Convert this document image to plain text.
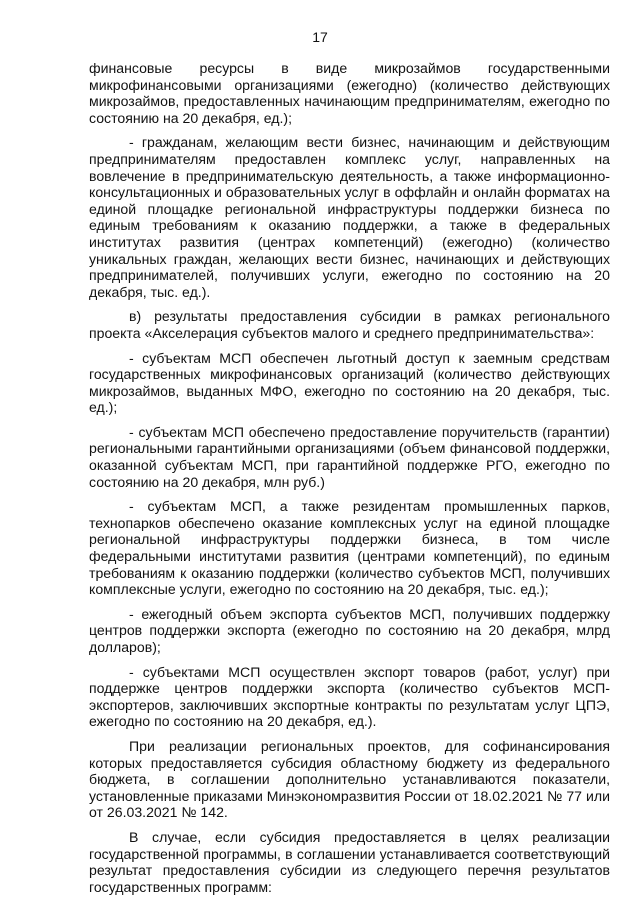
17

финансовые ресурсы в виде микрозаймов государственными микрофинансовыми организациями (ежегодно) (количество действующих микрозаймов, предоставленных начинающим предпринимателям, ежегодно по состоянию на 20 декабря, ед.);

- гражданам, желающим вести бизнес, начинающим и действующим предпринимателям предоставлен комплекс услуг, направленных на вовлечение в предпринимательскую деятельность, а также информационно-консультационных и образовательных услуг в оффлайн и онлайн форматах на единой площадке региональной инфраструктуры поддержки бизнеса по единым требованиям к оказанию поддержки, а также в федеральных институтах развития (центрах компетенций) (ежегодно) (количество уникальных граждан, желающих вести бизнес, начинающих и действующих предпринимателей, получивших услуги, ежегодно по состоянию на 20 декабря, тыс. ед.).

в) результаты предоставления субсидии в рамках регионального проекта «Акселерация субъектов малого и среднего предпринимательства»:

- субъектам МСП обеспечен льготный доступ к заемным средствам государственных микрофинансовых организаций (количество действующих микрозаймов, выданных МФО, ежегодно по состоянию на 20 декабря, тыс. ед.);

- субъектам МСП обеспечено предоставление поручительств (гарантии) региональными гарантийными организациями (объем финансовой поддержки, оказанной субъектам МСП, при гарантийной поддержке РГО, ежегодно по состоянию на 20 декабря, млн руб.)

- субъектам МСП, а также резидентам промышленных парков, технопарков обеспечено оказание комплексных услуг на единой площадке региональной инфраструктуры поддержки бизнеса, в том числе федеральными институтами развития (центрами компетенций), по единым требованиям к оказанию поддержки (количество субъектов МСП, получивших комплексные услуги, ежегодно по состоянию на 20 декабря, тыс. ед.);

- ежегодный объем экспорта субъектов МСП, получивших поддержку центров поддержки экспорта (ежегодно по состоянию на 20 декабря, млрд долларов);

- субъектами МСП осуществлен экспорт товаров (работ, услуг) при поддержке центров поддержки экспорта (количество субъектов МСП-экспортеров, заключивших экспортные контракты по результатам услуг ЦПЭ, ежегодно по состоянию на 20 декабря, ед.).

При реализации региональных проектов, для софинансирования которых предоставляется субсидия областному бюджету из федерального бюджета, в соглашении дополнительно устанавливаются показатели, установленные приказами Минэкономразвития России от 18.02.2021 № 77 или от 26.03.2021 № 142.

В случае, если субсидия предоставляется в целях реализации государственной программы, в соглашении устанавливается соответствующий результат предоставления субсидии из следующего перечня результатов государственных программ:
